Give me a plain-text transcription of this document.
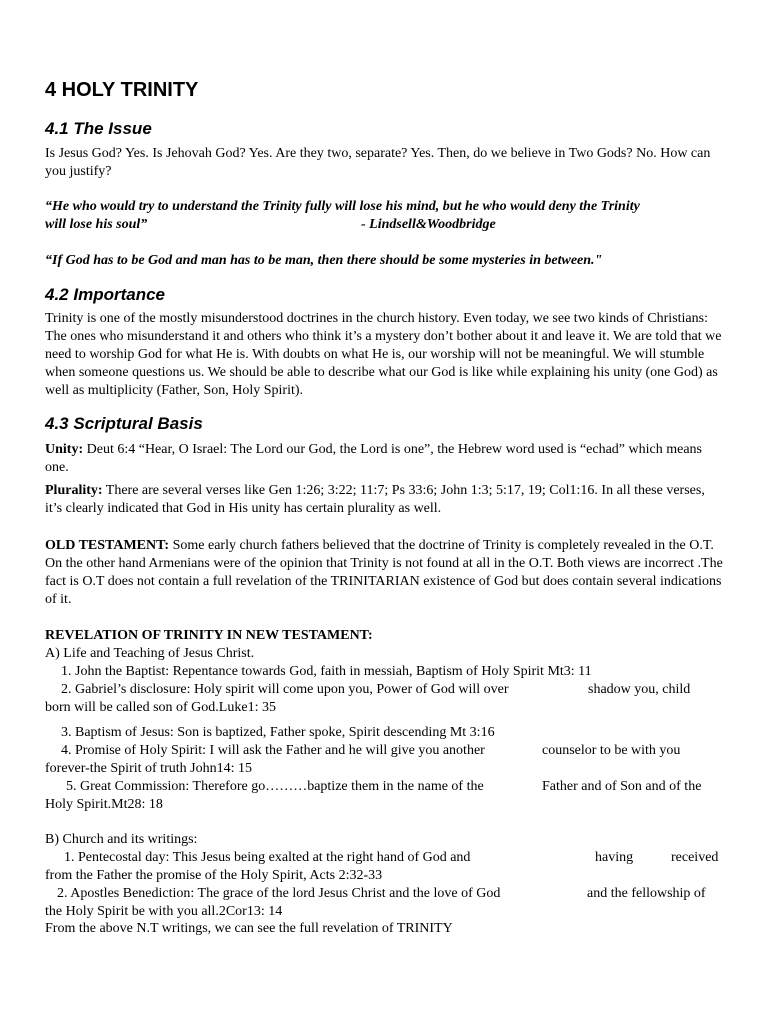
4 HOLY TRINITY
4.1 The Issue

Is Jesus God? Yes. Is Jehovah God? Yes. Are they two, separate? Yes. Then, do we believe in Two Gods? No. How can you justify?

“He who would try to understand the Trinity fully will lose his mind, but he who would deny the Trinity

will lose his soul”	- Lindsell&Woodbridge

“If God has to be God and man has to be man, then there should be some mysteries in between."

4.2 Importance

Trinity is one of the mostly misunderstood doctrines in the church history. Even today, we see two kinds of Christians: The ones who misunderstand it and others who think it’s a mystery don’t bother about it and leave it. We are told that we need to worship God for what He is. With doubts on what He is, our worship will not be meaningful. We will stumble when someone questions us. We should be able to describe what our God is like while explaining his unity (one God) as well as multiplicity (Father, Son, Holy Spirit).

4.3 Scriptural Basis

Unity: Deut 6:4 “Hear, O Israel: The Lord our God, the Lord is one”, the Hebrew word used is “echad” which means one.

Plurality: There are several verses like Gen 1:26; 3:22; 11:7; Ps 33:6; John 1:3; 5:17, 19; Col1:16. In all these verses, it’s clearly indicated that God in His unity has certain plurality as well.

OLD TESTAMENT: Some early church fathers believed that the doctrine of Trinity is completely revealed in the O.T. On the other hand Armenians were of the opinion that Trinity is not found at all in the O.T. Both views are incorrect .The fact is O.T does not contain a full revelation of the TRINITARIAN existence of God but does contain several indications of it.

REVELATION OF TRINITY IN NEW TESTAMENT:

A) Life and Teaching of Jesus Christ.

1. John the Baptist: Repentance towards God, faith in messiah, Baptism of Holy Spirit Mt3: 11

2. Gabriel’s disclosure: Holy spirit will come upon you, Power of God will over	shadow you, child

born will be called son of God.Luke1: 35

3. Baptism of Jesus: Son is baptized, Father spoke, Spirit descending Mt 3:16

4. Promise of Holy Spirit: I will ask the Father and he will give you another	counselor to be with you

forever-the Spirit of truth John14: 15

5. Great Commission: Therefore go………baptize them in the name of the	Father and of Son and of the

Holy Spirit.Mt28: 18

B) Church and its writings:

1. Pentecostal day: This Jesus being exalted at the right hand of God and	having	received

from the Father the promise of the Holy Spirit, Acts 2:32-33

2. Apostles Benediction: The grace of the lord Jesus Christ and the love of God	and the fellowship of

the Holy Spirit be with you all.2Cor13: 14

From the above N.T writings, we can see the full revelation of TRINITY
